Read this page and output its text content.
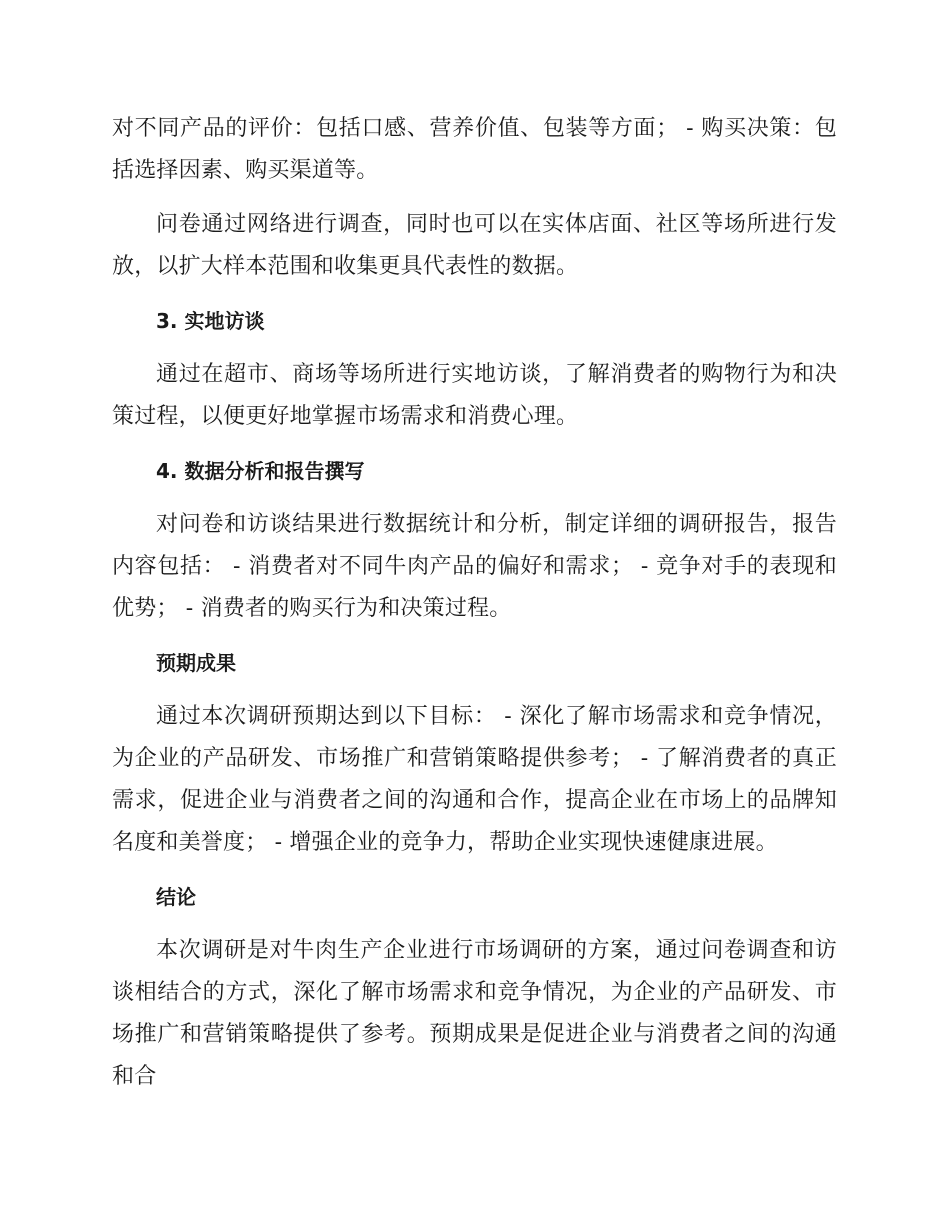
对不同产品的评价：包括口感、营养价值、包装等方面； - 购买决策：包括选择因素、购买渠道等。

问卷通过网络进行调查，同时也可以在实体店面、社区等场所进行发放，以扩大样本范围和收集更具代表性的数据。

3. 实地访谈

通过在超市、商场等场所进行实地访谈，了解消费者的购物行为和决策过程，以便更好地掌握市场需求和消费心理。

4. 数据分析和报告撰写

对问卷和访谈结果进行数据统计和分析，制定详细的调研报告，报告内容包括： - 消费者对不同牛肉产品的偏好和需求； - 竞争对手的表现和优势； - 消费者的购买行为和决策过程。

预期成果

通过本次调研预期达到以下目标： - 深化了解市场需求和竞争情况，为企业的产品研发、市场推广和营销策略提供参考； - 了解消费者的真正需求，促进企业与消费者之间的沟通和合作，提高企业在市场上的品牌知名度和美誉度； - 增强企业的竞争力，帮助企业实现快速健康进展。

结论

本次调研是对牛肉生产企业进行市场调研的方案，通过问卷调查和访谈相结合的方式，深化了解市场需求和竞争情况，为企业的产品研发、市场推广和营销策略提供了参考。预期成果是促进企业与消费者之间的沟通和合
